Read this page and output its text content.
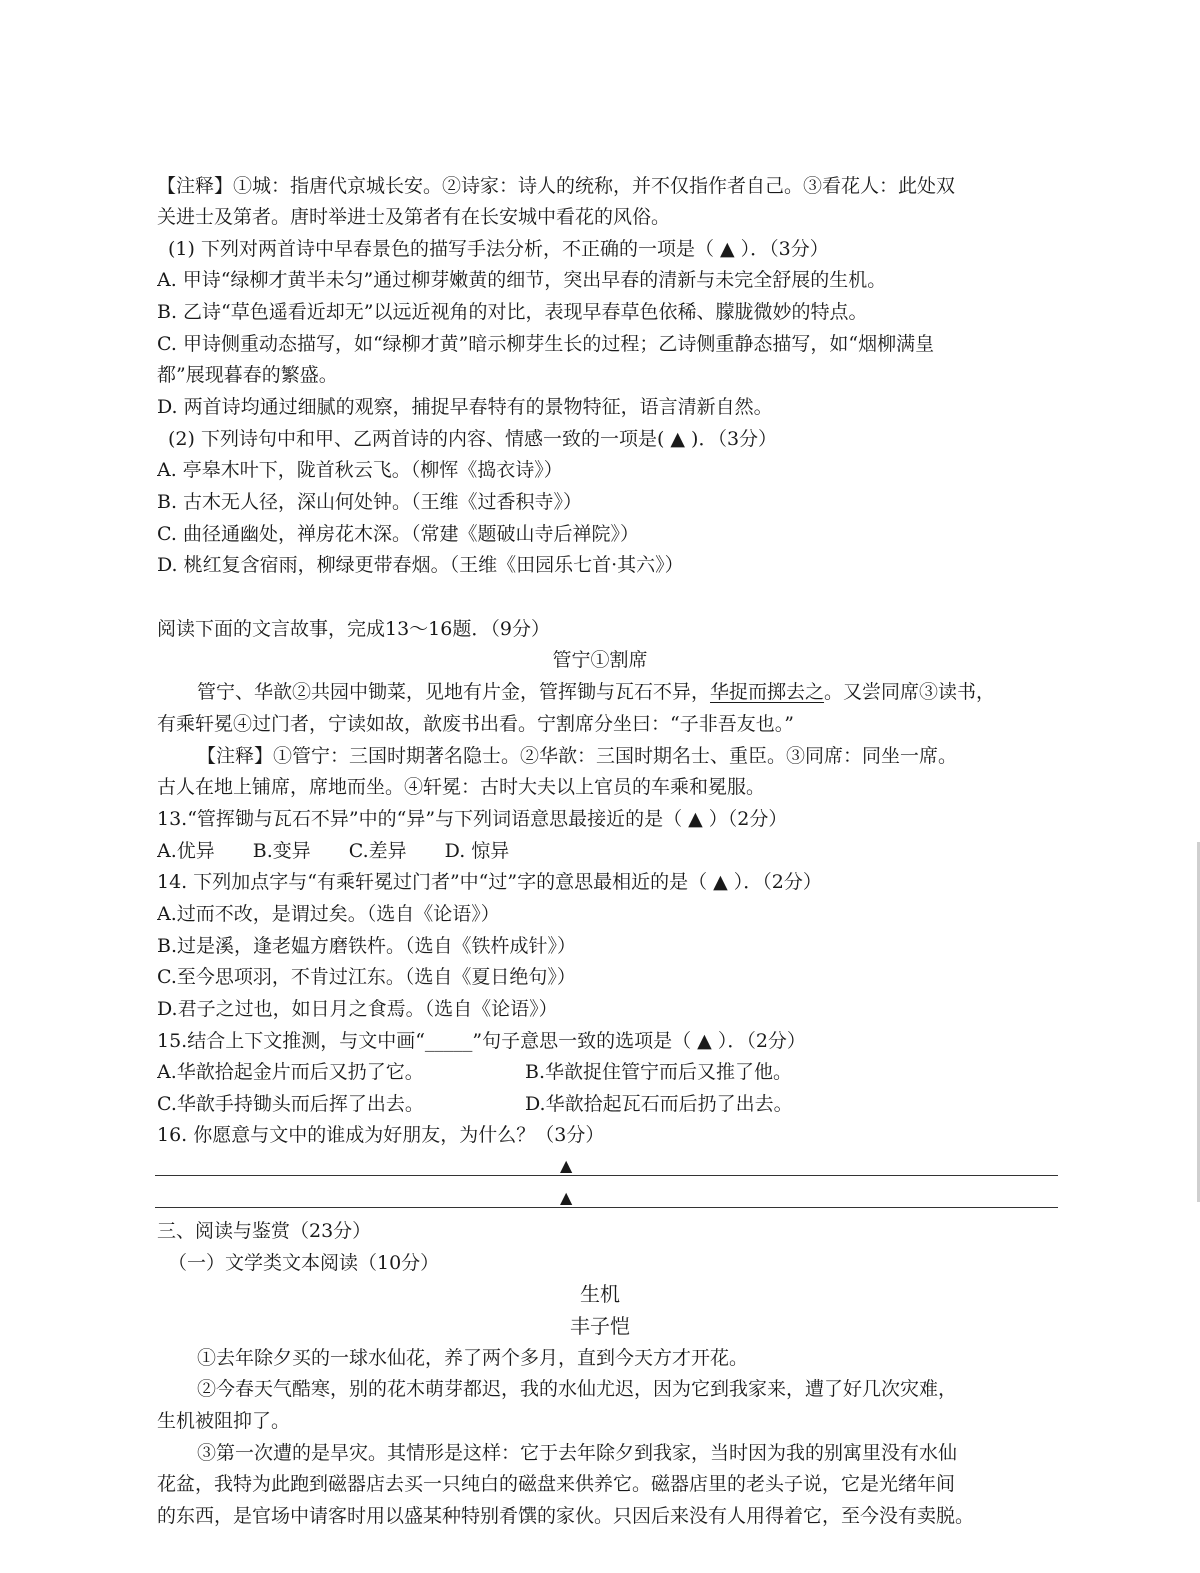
【注释】①城：指唐代京城长安。②诗家：诗人的统称，并不仅指作者自己。③看花人：此处双
关进士及第者。唐时举进士及第者有在长安城中看花的风俗。
(1) 下列对两首诗中早春景色的描写手法分析，不正确的一项是（ ▲ ）．（3分）
A. 甲诗“绿柳才黄半未匀”通过柳芽嫩黄的细节，突出早春的清新与未完全舒展的生机。
B. 乙诗“草色遥看近却无”以远近视角的对比，表现早春草色依稀、朦胧微妙的特点。
C. 甲诗侧重动态描写，如“绿柳才黄”暗示柳芽生长的过程；乙诗侧重静态描写，如“烟柳满皇
都”展现暮春的繁盛。
D. 两首诗均通过细腻的观察，捕捉早春特有的景物特征，语言清新自然。
(2) 下列诗句中和甲、乙两首诗的内容、情感一致的一项是( ▲ )．（3分）
A. 亭皋木叶下，陇首秋云飞。（柳恽《捣衣诗》）
B. 古木无人径，深山何处钟。（王维《过香积寺》）
C. 曲径通幽处，禅房花木深。（常建《题破山寺后禅院》）
D. 桃红复含宿雨，柳绿更带春烟。（王维《田园乐七首·其六》）
阅读下面的文言故事，完成13～16题．（9分）
管宁①割席
管宁、华歆②共园中锄菜，见地有片金，管挥锄与瓦石不异，华捉而掷去之。又尝同席③读书，
有乘轩冕④过门者，宁读如故，歆废书出看。宁割席分坐曰：“子非吾友也。”
【注释】①管宁：三国时期著名隐士。②华歆：三国时期名士、重臣。③同席：同坐一席。
古人在地上铺席，席地而坐。④轩冕：古时大夫以上官员的车乘和冕服。
13.“管挥锄与瓦石不异”中的“异”与下列词语意思最接近的是（ ▲ ）（2分）
A.优异　　B.变异　　C.差异　　D. 惊异
14. 下列加点字与“有乘轩冕过门者”中“过”字的意思最相近的是（ ▲ ）．（2分）
A.过而不改，是谓过矣。（选自《论语》）
B.过是溪，逢老媪方磨铁杵。（选自《铁杵成针》）
C.至今思项羽，不肯过江东。（选自《夏日绝句》）
D.君子之过也，如日月之食焉。（选自《论语》）
15.结合上下文推测，与文中画“_____”句子意思一致的选项是（ ▲ ）．（2分）
A.华歆拾起金片而后又扔了它。	B.华歆捉住管宁而后又推了他。
C.华歆手持锄头而后挥了出去。	D.华歆拾起瓦石而后扔了出去。
16. 你愿意与文中的谁成为好朋友，为什么？（3分）
▲
▲
三、阅读与鉴赏（23分）
（一）文学类文本阅读（10分）
生机
丰子恺
①去年除夕买的一球水仙花，养了两个多月，直到今天方才开花。
②今春天气酷寒，别的花木萌芽都迟，我的水仙尤迟，因为它到我家来，遭了好几次灾难，
生机被阻抑了。
③第一次遭的是旱灾。其情形是这样：它于去年除夕到我家，当时因为我的别寓里没有水仙
花盆，我特为此跑到磁器店去买一只纯白的磁盘来供养它。磁器店里的老头子说，它是光绪年间
的东西，是官场中请客时用以盛某种特别肴馔的家伙。只因后来没有人用得着它，至今没有卖脱。
